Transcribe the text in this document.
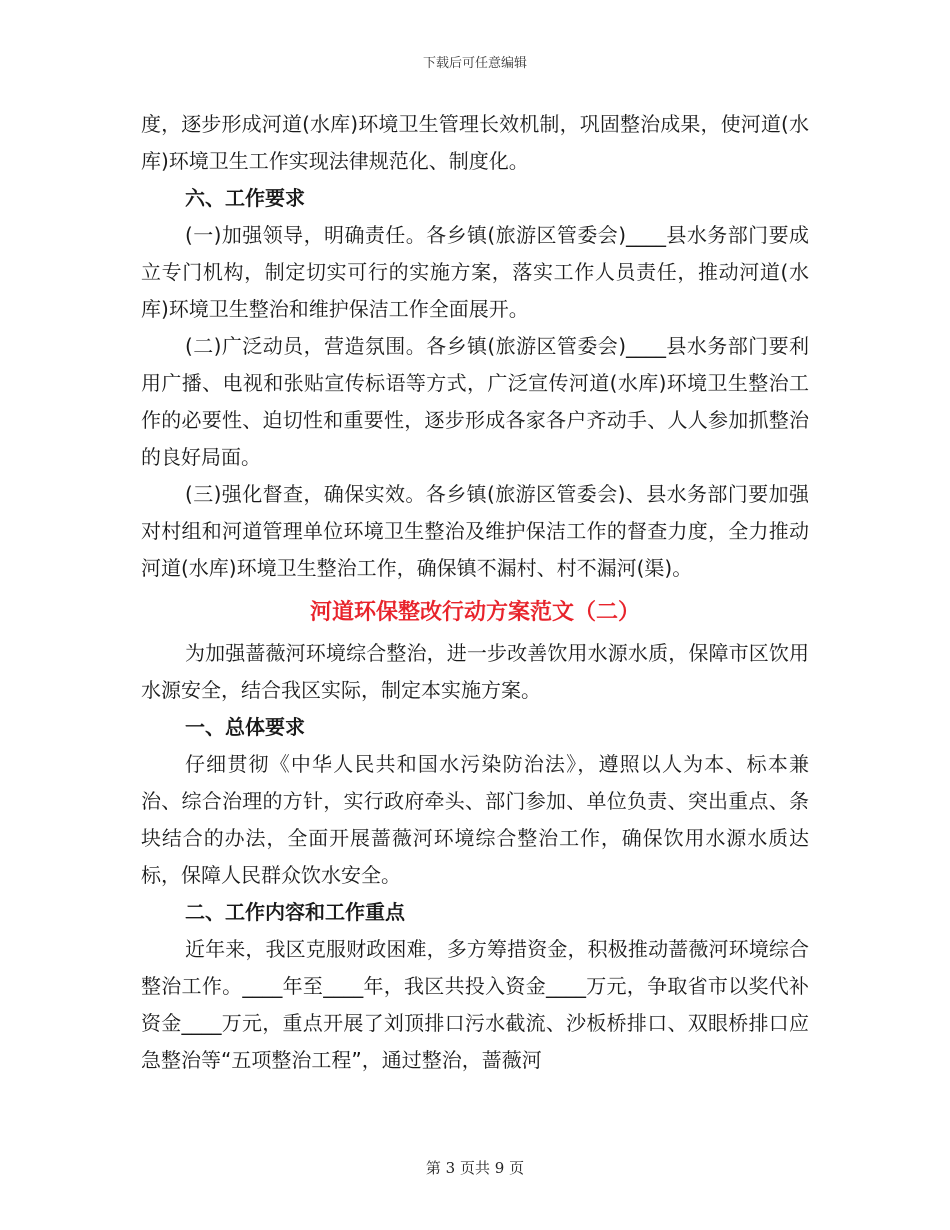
下载后可任意编辑

度，逐步形成河道(水库)环境卫生管理长效机制，巩固整治成果，使河道(水库)环境卫生工作实现法律规范化、制度化。

六、工作要求

(一)加强领导，明确责任。各乡镇(旅游区管委会)____县水务部门要成立专门机构，制定切实可行的实施方案，落实工作人员责任，推动河道(水库)环境卫生整治和维护保洁工作全面展开。

(二)广泛动员，营造氛围。各乡镇(旅游区管委会)____县水务部门要利用广播、电视和张贴宣传标语等方式，广泛宣传河道(水库)环境卫生整治工作的必要性、迫切性和重要性，逐步形成各家各户齐动手、人人参加抓整治的良好局面。

(三)强化督查，确保实效。各乡镇(旅游区管委会)、县水务部门要加强对村组和河道管理单位环境卫生整治及维护保洁工作的督查力度，全力推动河道(水库)环境卫生整治工作，确保镇不漏村、村不漏河(渠)。

河道环保整改行动方案范文（二）

为加强蔷薇河环境综合整治，进一步改善饮用水源水质，保障市区饮用水源安全，结合我区实际，制定本实施方案。

一、总体要求

仔细贯彻《中华人民共和国水污染防治法》，遵照以人为本、标本兼治、综合治理的方针，实行政府牵头、部门参加、单位负责、突出重点、条块结合的办法，全面开展蔷薇河环境综合整治工作，确保饮用水源水质达标，保障人民群众饮水安全。

二、工作内容和工作重点

近年来，我区克服财政困难，多方筹措资金，积极推动蔷薇河环境综合整治工作。____年至____年，我区共投入资金____万元，争取省市以奖代补资金____万元，重点开展了刘顶排口污水截流、沙板桥排口、双眼桥排口应急整治等“五项整治工程”，通过整治，蔷薇河

第 3 页共 9 页
